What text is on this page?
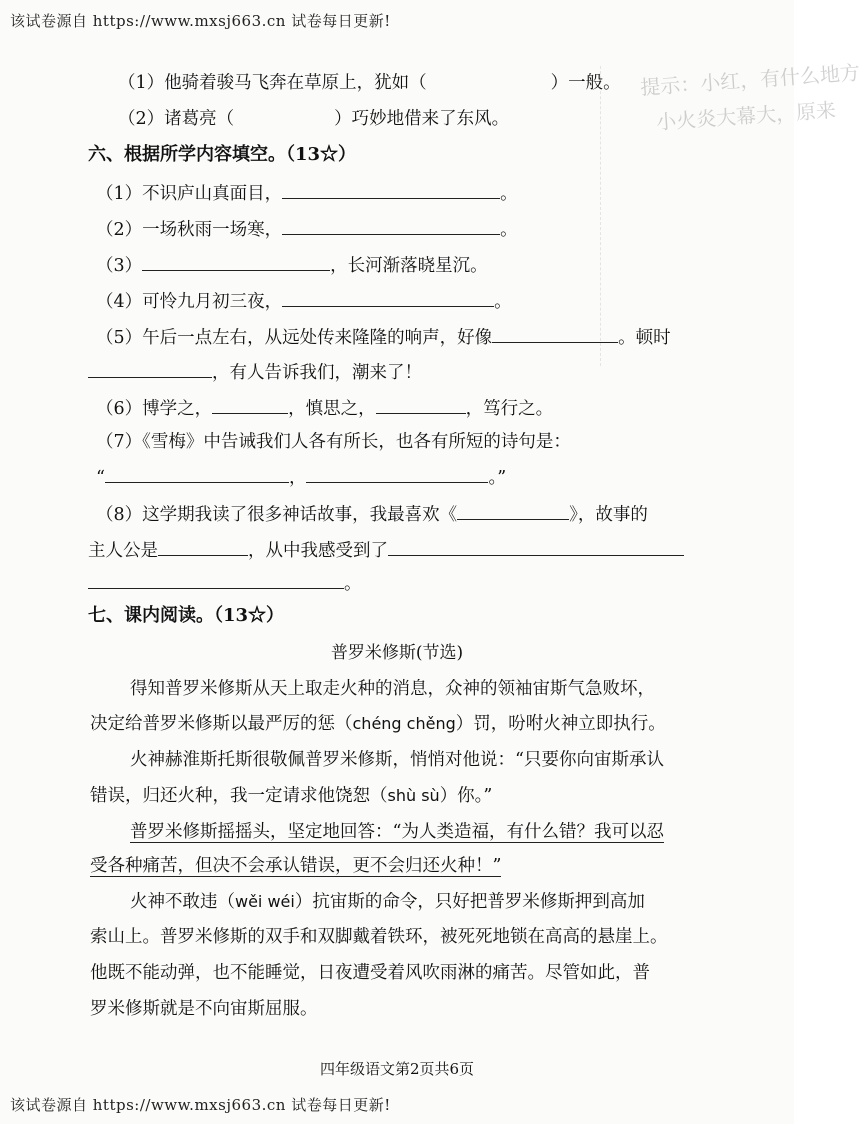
该试卷源自 https://www.mxsj663.cn 试卷每日更新!
提示：小红，有什么地方
小火炎大幕大，原来
（1）他骑着骏马飞奔在草原上，犹如（	）一般。
（2）诸葛亮（	）巧妙地借来了东风。
六、根据所学内容填空。（13☆）
（1）不识庐山真面目，	。
（2）一场秋雨一场寒，	。
（3）	，长河渐落晓星沉。
（4）可怜九月初三夜，	。
（5）午后一点左右，从远处传来隆隆的响声，好像	。顿时
，有人告诉我们，潮来了！
（6）博学之，	，慎思之，	，笃行之。
（7）《雪梅》中告诫我们人各有所长，也各有所短的诗句是：
“	，	。”
（8）这学期我读了很多神话故事，我最喜欢《	》，故事的
主人公是	，从中我感受到了
。
七、课内阅读。（13☆）
普罗米修斯(节选)
得知普罗米修斯从天上取走火种的消息，众神的领袖宙斯气急败坏，
决定给普罗米修斯以最严厉的惩（chéng chěng）罚，吩咐火神立即执行。
火神赫淮斯托斯很敬佩普罗米修斯，悄悄对他说：“只要你向宙斯承认
错误，归还火种，我一定请求他饶恕（shù sù）你。”
普罗米修斯摇摇头，坚定地回答：“为人类造福，有什么错？我可以忍
受各种痛苦，但决不会承认错误，更不会归还火种！”
火神不敢违（wěi wéi）抗宙斯的命令，只好把普罗米修斯押到高加
索山上。普罗米修斯的双手和双脚戴着铁环，被死死地锁在高高的悬崖上。
他既不能动弹，也不能睡觉，日夜遭受着风吹雨淋的痛苦。尽管如此，普
罗米修斯就是不向宙斯屈服。
四年级语文第2页共6页
该试卷源自 https://www.mxsj663.cn 试卷每日更新!
